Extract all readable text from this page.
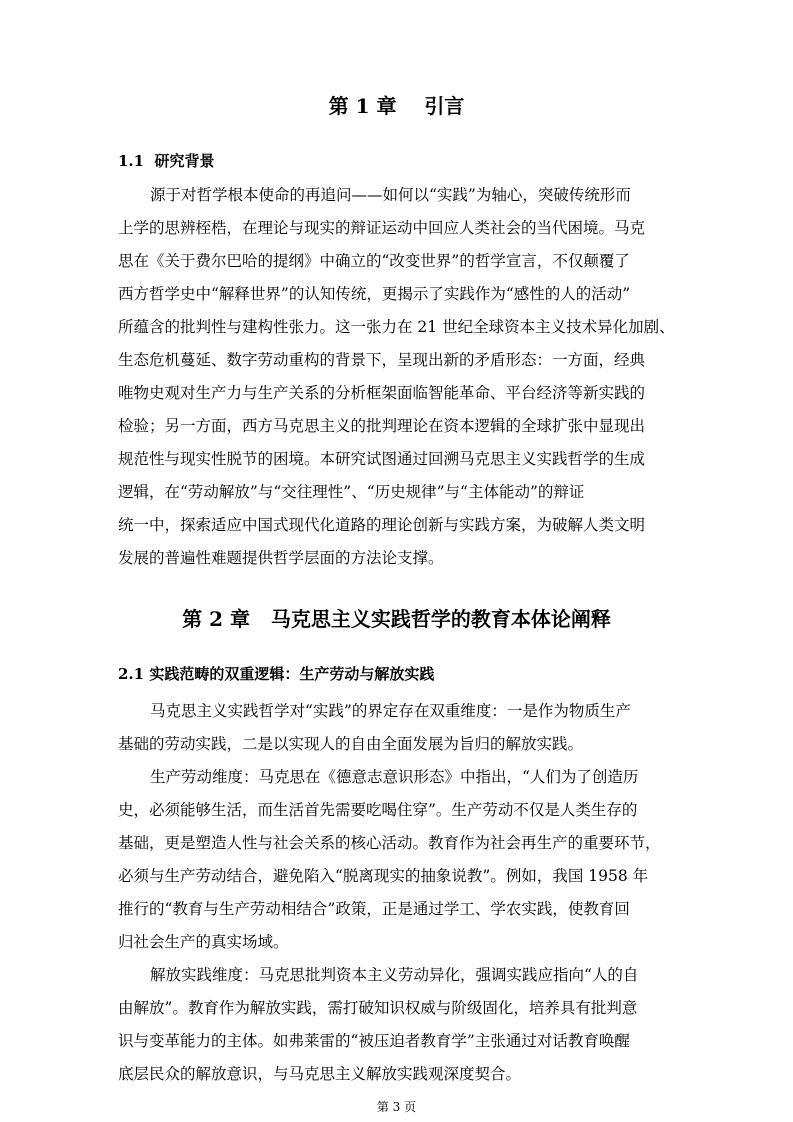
第 1 章    引言
1.1  研究背景

源于对哲学根本使命的再追问——如何以“实践”为轴心，突破传统形而

上学的思辨桎梏，在理论与现实的辩证运动中回应人类社会的当代困境。马克

思在《关于费尔巴哈的提纲》中确立的“改变世界”的哲学宣言，不仅颠覆了

西方哲学史中“解释世界”的认知传统，更揭示了实践作为“感性的人的活动”

所蕴含的批判性与建构性张力。这一张力在 21 世纪全球资本主义技术异化加剧、

生态危机蔓延、数字劳动重构的背景下，呈现出新的矛盾形态：一方面，经典

唯物史观对生产力与生产关系的分析框架面临智能革命、平台经济等新实践的

检验；另一方面，西方马克思主义的批判理论在资本逻辑的全球扩张中显现出

规范性与现实性脱节的困境。本研究试图通过回溯马克思主义实践哲学的生成

逻辑，在“劳动解放”与“交往理性”、“历史规律”与“主体能动”的辩证

统一中，探索适应中国式现代化道路的理论创新与实践方案，为破解人类文明

发展的普遍性难题提供哲学层面的方法论支撑。

第 2 章   马克思主义实践哲学的教育本体论阐释
2.1 实践范畴的双重逻辑：生产劳动与解放实践

马克思主义实践哲学对“实践”的界定存在双重维度：一是作为物质生产

基础的劳动实践，二是以实现人的自由全面发展为旨归的解放实践。

生产劳动维度：马克思在《德意志意识形态》中指出，“人们为了创造历

史，必须能够生活，而生活首先需要吃喝住穿”。生产劳动不仅是人类生存的

基础，更是塑造人性与社会关系的核心活动。教育作为社会再生产的重要环节，

必须与生产劳动结合，避免陷入“脱离现实的抽象说教”。例如，我国 1958 年

推行的“教育与生产劳动相结合”政策，正是通过学工、学农实践，使教育回

归社会生产的真实场域。

解放实践维度：马克思批判资本主义劳动异化，强调实践应指向“人的自

由解放”。教育作为解放实践，需打破知识权威与阶级固化，培养具有批判意

识与变革能力的主体。如弗莱雷的“被压迫者教育学”主张通过对话教育唤醒

底层民众的解放意识，与马克思主义解放实践观深度契合。

第 3 页
